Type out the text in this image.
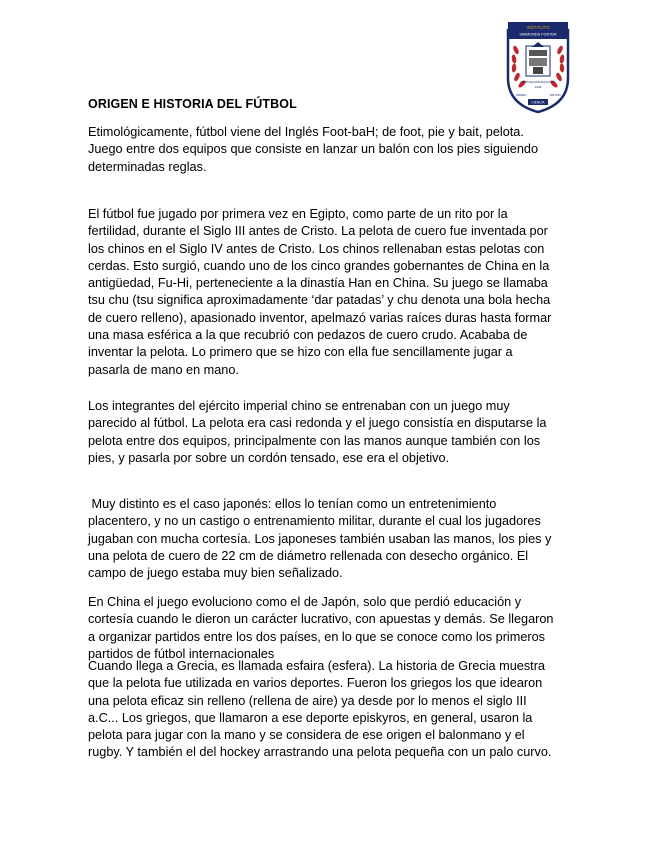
INSTITUTO
SIMMONDS FOSTER
CORPORACIÓN EDUCATIVA
1949
ORDEN	VIRTUD
CIENCIA
ORIGEN E HISTORIA DEL FÚTBOL

Etimológicamente, fútbol viene del Inglés Foot-baH; de foot, pie y bait, pelota.
Juego entre dos equipos que consiste en lanzar un balón con los pies siguiendo
determinadas reglas.

El fútbol fue jugado por primera vez en Egipto, como parte de un rito por la
fertilidad, durante el Siglo III antes de Cristo. La pelota de cuero fue inventada por
los chinos en el Siglo IV antes de Cristo. Los chinos rellenaban estas pelotas con
cerdas. Esto surgió, cuando uno de los cinco grandes gobernantes de China en la
antigüedad, Fu-Hi, perteneciente a la dinastía Han en China. Su juego se llamaba
tsu chu (tsu significa aproximadamente ‘dar patadas’ y chu denota una bola hecha
de cuero relleno), apasionado inventor, apelmazó varias raíces duras hasta formar
una masa esférica a la que recubrió con pedazos de cuero crudo. Acababa de
inventar la pelota. Lo primero que se hizo con ella fue sencillamente jugar a
pasarla de mano en mano.

Los integrantes del ejército imperial chino se entrenaban con un juego muy
parecido al fútbol. La pelota era casi redonda y el juego consistía en disputarse la
pelota entre dos equipos, principalmente con las manos aunque también con los
pies, y pasarla por sobre un cordón tensado, ese era el objetivo.

Muy distinto es el caso japonés: ellos lo tenían como un entretenimiento
placentero, y no un castigo o entrenamiento militar, durante el cual los jugadores
jugaban con mucha cortesía. Los japoneses también usaban las manos, los pies y
una pelota de cuero de 22 cm de diámetro rellenada con desecho orgánico. El
campo de juego estaba muy bien señalizado.

En China el juego evoluciono como el de Japón, solo que perdió educación y
cortesía cuando le dieron un carácter lucrativo, con apuestas y demás. Se llegaron
a organizar partidos entre los dos países, en lo que se conoce como los primeros
partidos de fútbol internacionales

Cuando llega a Grecia, es llamada esfaira (esfera). La historia de Grecia muestra
que la pelota fue utilizada en varios deportes. Fueron los griegos los que idearon
una pelota eficaz sin relleno (rellena de aire) ya desde por lo menos el siglo III
a.C... Los griegos, que llamaron a ese deporte episkyros, en general, usaron la
pelota para jugar con la mano y se considera de ese origen el balonmano y el
rugby. Y también el del hockey arrastrando una pelota pequeña con un palo curvo.
